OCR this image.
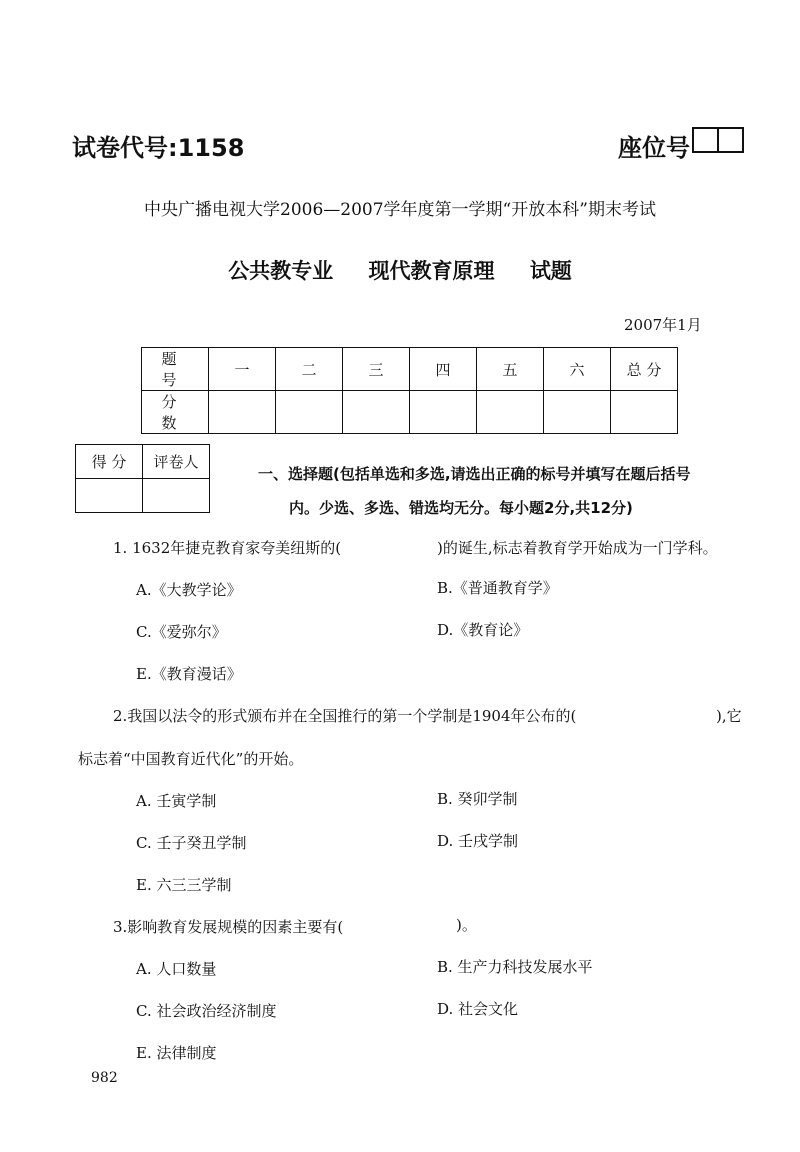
试卷代号:1158	座位号
中央广播电视大学2006—2007学年度第一学期“开放本科”期末考试
公共教专业 现代教育原理 试题
2007年1月
题 号	一	二	三	四	五	六	总 分
分 数							
得 分	评卷人

一、选择题(包括单选和多选,请选出正确的标号并填写在题后括号
内。少选、多选、错选均无分。每小题2分,共12分)
1. 1632年捷克教育家夸美纽斯的(	)的诞生,标志着教育学开始成为一门学科。
A.《大教学论》	B.《普通教育学》
C.《爱弥尔》	D.《教育论》
E.《教育漫话》
2.我国以法令的形式颁布并在全国推行的第一个学制是1904年公布的(	),它
标志着“中国教育近代化”的开始。
A. 壬寅学制	B. 癸卯学制
C. 壬子癸丑学制	D. 壬戌学制
E. 六三三学制
3.影响教育发展规模的因素主要有(	)。
A. 人口数量	B. 生产力科技发展水平
C. 社会政治经济制度	D. 社会文化
E. 法律制度
982
